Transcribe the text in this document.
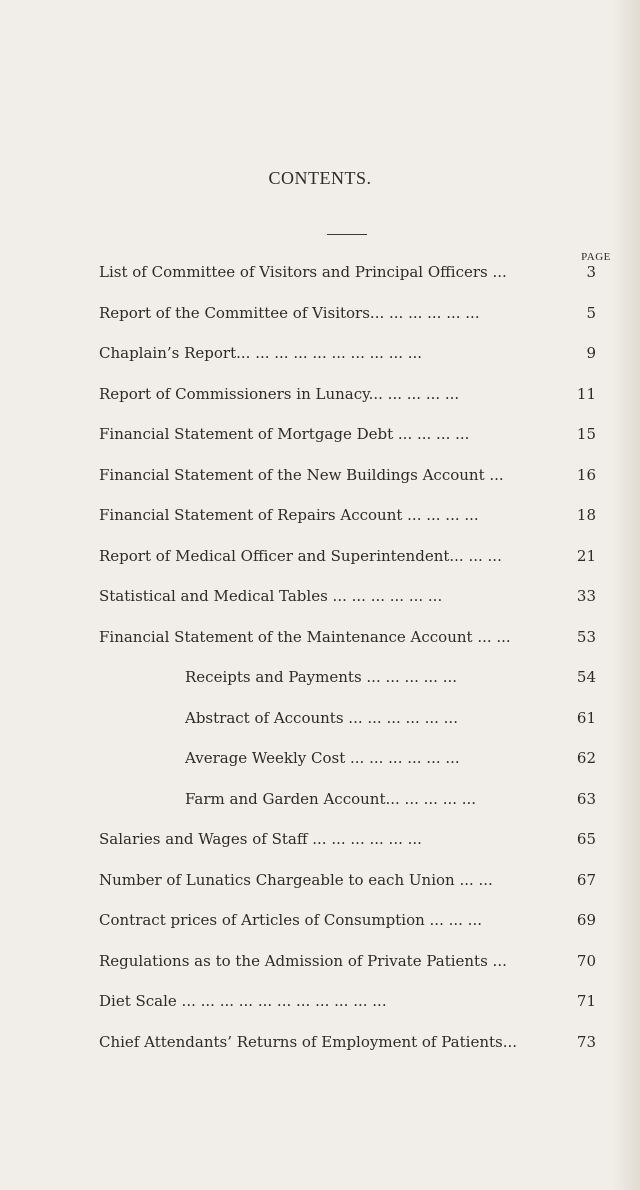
CONTENTS.
PAGE
List of Committee of Visitors and Principal Officers ...	3
Report of the Committee of Visitors... ... ... ... ... ...	5
Chaplain’s Report... ... ... ... ... ... ... ... ... ...	9
Report of Commissioners in Lunacy... ... ... ... ...	11
Financial Statement of Mortgage Debt ... ... ... ...	15
Financial Statement of the New Buildings Account ...	16
Financial Statement of Repairs Account ... ... ... ...	18
Report of Medical Officer and Superintendent... ... ...	21
Statistical and Medical Tables ... ... ... ... ... ...	33
Financial Statement of the Maintenance Account ... ...	53
Receipts and Payments ... ... ... ... ...	54
Abstract of Accounts ... ... ... ... ... ...	61
Average Weekly Cost ... ... ... ... ... ...	62
Farm and Garden Account... ... ... ... ...	63
Salaries and Wages of Staff ... ... ... ... ... ...	65
Number of Lunatics Chargeable to each Union ... ...	67
Contract prices of Articles of Consumption ... ... ...	69
Regulations as to the Admission of Private Patients ...	70
Diet Scale ... ... ... ... ... ... ... ... ... ... ...	71
Chief Attendants’ Returns of Employment of Patients...	73
